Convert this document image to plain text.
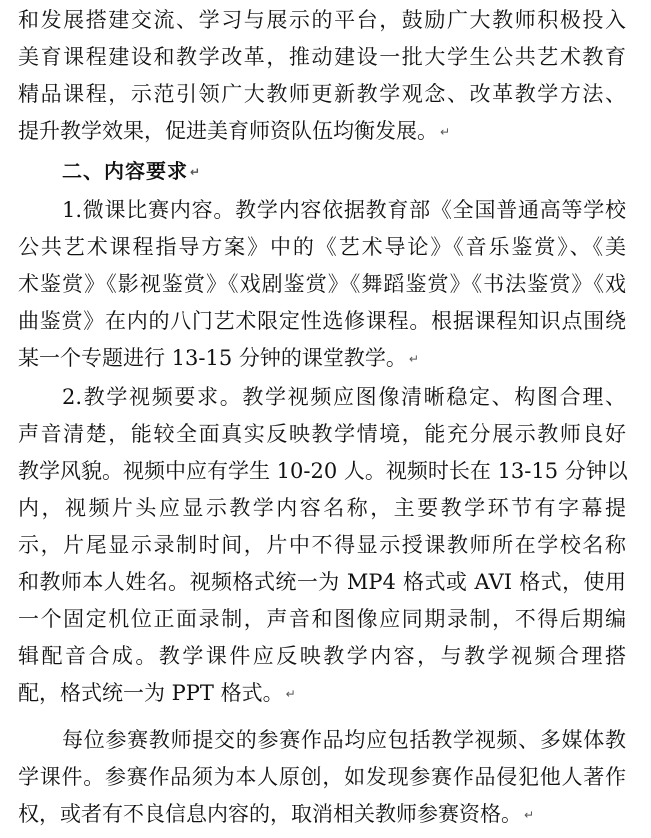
和发展搭建交流、学习与展示的平台，鼓励广大教师积极投入
美育课程建设和教学改革，推动建设一批大学生公共艺术教育
精品课程，示范引领广大教师更新教学观念、改革教学方法、
提升教学效果，促进美育师资队伍均衡发展。 ↵
二、内容要求 ↵
1.微课比赛内容。教学内容依据教育部《全国普通高等学校
公共艺术课程指导方案》中的《艺术导论》《音乐鉴赏》、《美
术鉴赏》《影视鉴赏》《戏剧鉴赏》《舞蹈鉴赏》《书法鉴赏》《戏
曲鉴赏》在内的八门艺术限定性选修课程。根据课程知识点围绕
某一个专题进行 13-15 分钟的课堂教学。 ↵
2.教学视频要求。教学视频应图像清晰稳定、构图合理、
声音清楚，能较全面真实反映教学情境，能充分展示教师良好
教学风貌。视频中应有学生 10-20 人。视频时长在 13-15 分钟以
内，视频片头应显示教学内容名称，主要教学环节有字幕提
示，片尾显示录制时间，片中不得显示授课教师所在学校名称
和教师本人姓名。视频格式统一为 MP4 格式或 AVI 格式，使用
一个固定机位正面录制，声音和图像应同期录制，不得后期编
辑配音合成。教学课件应反映教学内容，与教学视频合理搭
配，格式统一为 PPT 格式。 ↵
每位参赛教师提交的参赛作品均应包括教学视频、多媒体教
学课件。参赛作品须为本人原创，如发现参赛作品侵犯他人著作
权，或者有不良信息内容的，取消相关教师参赛资格。 ↵
